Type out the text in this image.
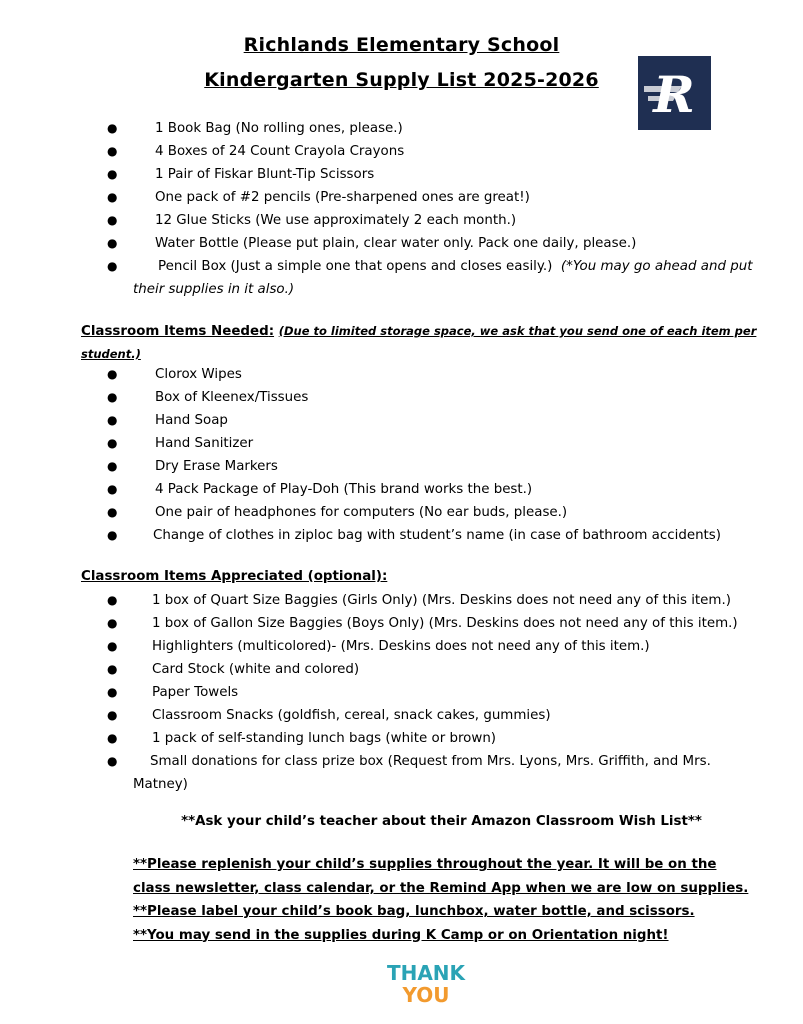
Richlands Elementary School
Kindergarten Supply List 2025-2026	R
●	1 Book Bag (No rolling ones, please.)
●	4 Boxes of 24 Count Crayola Crayons
●	1 Pair of Fiskar Blunt-Tip Scissors
●	One pack of #2 pencils (Pre-sharpened ones are great!)
●	12 Glue Sticks (We use approximately 2 each month.)
●	Water Bottle (Please put plain, clear water only. Pack one daily, please.)
●	Pencil Box (Just a simple one that opens and closes easily.) (*You may go ahead and put their supplies in it also.)
Classroom Items Needed: (Due to limited storage space, we ask that you send one of each item per student.)
●	Clorox Wipes
●	Box of Kleenex/Tissues
●	Hand Soap
●	Hand Sanitizer
●	Dry Erase Markers
●	4 Pack Package of Play-Doh (This brand works the best.)
●	One pair of headphones for computers (No ear buds, please.)
●	Change of clothes in ziploc bag with student’s name (in case of bathroom accidents)
Classroom Items Appreciated (optional):
●	1 box of Quart Size Baggies (Girls Only) (Mrs. Deskins does not need any of this item.)
●	1 box of Gallon Size Baggies (Boys Only) (Mrs. Deskins does not need any of this item.)
●	Highlighters (multicolored)- (Mrs. Deskins does not need any of this item.)
●	Card Stock (white and colored)
●	Paper Towels
●	Classroom Snacks (goldfish, cereal, snack cakes, gummies)
●	1 pack of self-standing lunch bags (white or brown)
●	Small donations for class prize box (Request from Mrs. Lyons, Mrs. Griffith, and Mrs. Matney)
**Ask your child’s teacher about their Amazon Classroom Wish List**
**Please replenish your child’s supplies throughout the year. It will be on the class newsletter, class calendar, or the Remind App when we are low on supplies.
**Please label your child’s book bag, lunchbox, water bottle, and scissors.
**You may send in the supplies during K Camp or on Orientation night!
THANK
YOU
